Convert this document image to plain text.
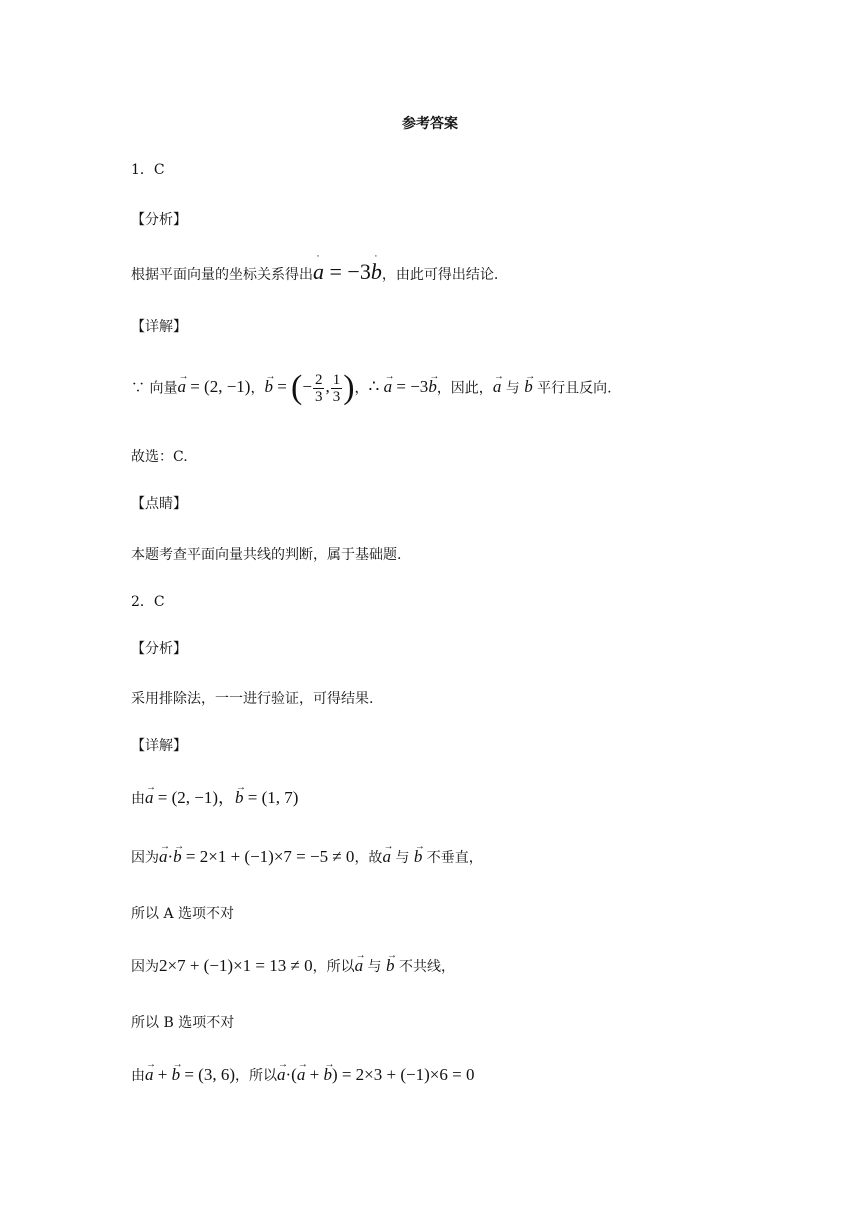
参考答案
1．C
【分析】
根据平面向量的坐标关系得出˙ a = −3˙ b，由此可得出结论.
【详解】
∵ 向量→ a = (2, −1)，→ b = (− $\frac{2}{3}$ , $\frac{1}{3}$ )，∴ → a = −3→ b，因此，→ a 与 → b 平行且反向.
故选：C.
【点睛】
本题考查平面向量共线的判断，属于基础题.
2．C
【分析】
采用排除法，一一进行验证，可得结果.
【详解】
由→ a = (2, −1)，→ b = (1, 7)
因为→ a·→ b = 2×1 + (−1)×7 = −5 ≠ 0，故→ a 与 → b 不垂直，
所以 A 选项不对
因为2×7 + (−1)×1 = 13 ≠ 0，所以→ a 与 → b 不共线，
所以 B 选项不对
由→ a + → b = (3, 6)，所以→ a·(→ a + → b) = 2×3 + (−1)×6 = 0
